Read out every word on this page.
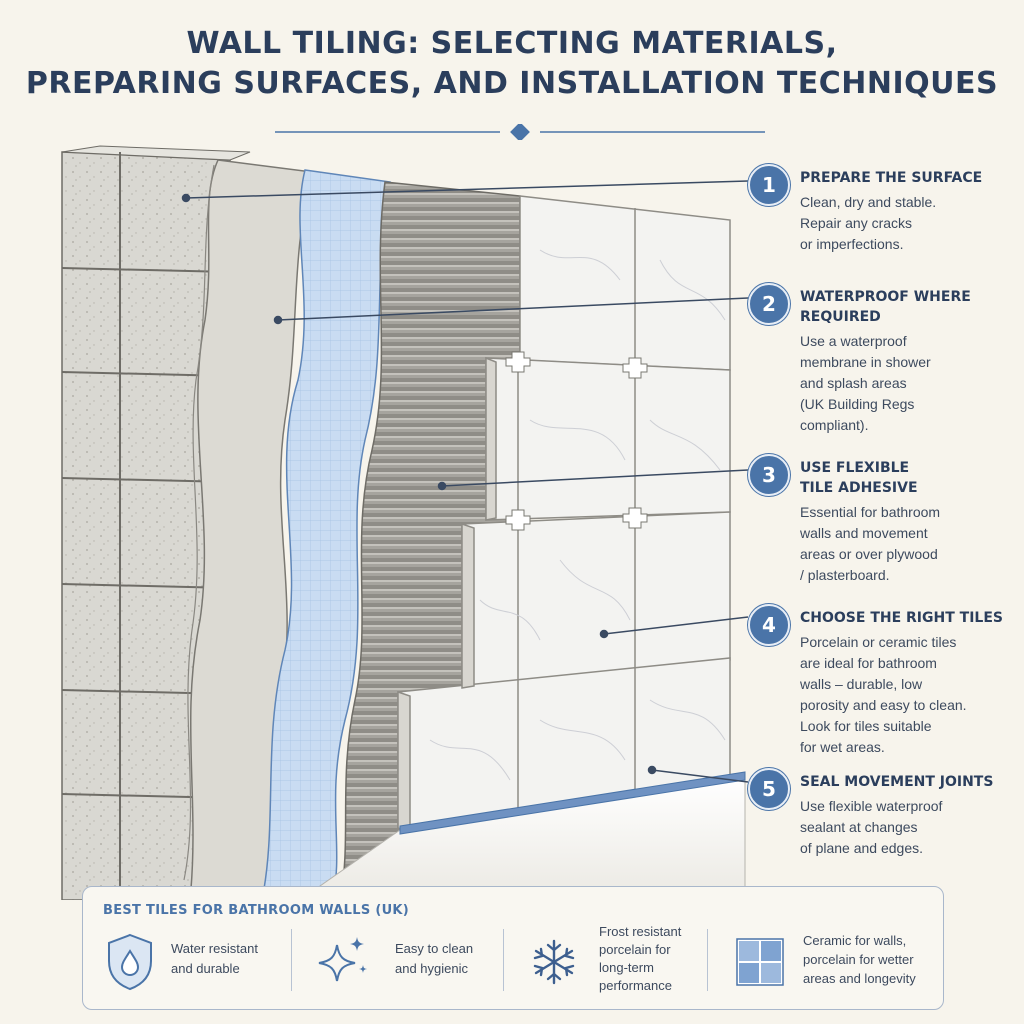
WALL TILING: SELECTING MATERIALS,
PREPARING SURFACES, AND INSTALLATION TECHNIQUES
1	PREPARE THE SURFACE
Clean, dry and stable.
Repair any cracks
or imperfections.
2	WATERPROOF WHERE
REQUIRED
Use a waterproof
membrane in shower
and splash areas
(UK Building Regs
compliant).
3	USE FLEXIBLE
TILE ADHESIVE
Essential for bathroom
walls and movement
areas or over plywood
/ plasterboard.
4	CHOOSE THE RIGHT TILES
Porcelain or ceramic tiles
are ideal for bathroom
walls – durable, low
porosity and easy to clean.
Look for tiles suitable
for wet areas.
5	SEAL MOVEMENT JOINTS
Use flexible waterproof
sealant at changes
of plane and edges.
BEST TILES FOR BATHROOM WALLS (UK)
Water resistant
and durable
Easy to clean
and hygienic
Frost resistant
porcelain for
long-term
performance
Ceramic for walls,
porcelain for wetter
areas and longevity
